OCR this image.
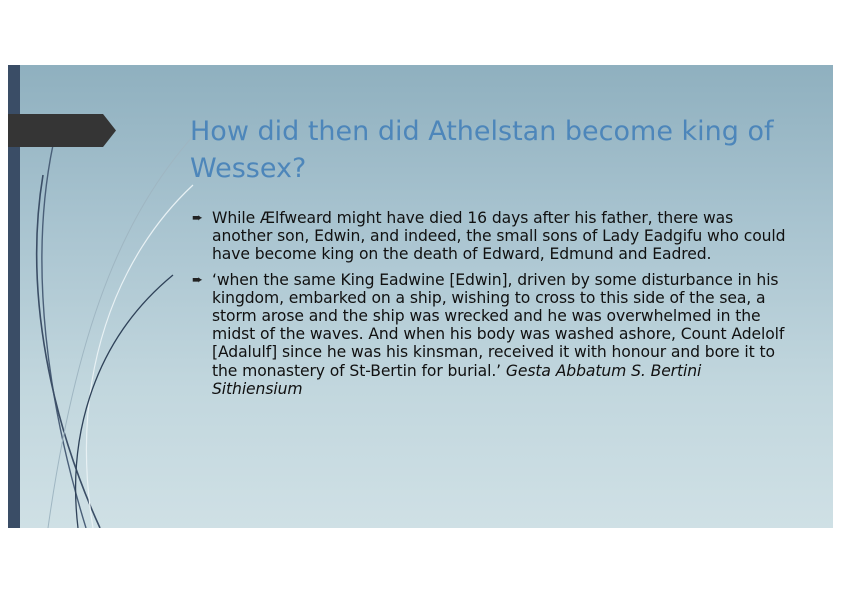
How did then did Athelstan become king of Wessex?
➨ While Ælfweard might have died 16 days after his father, there was another son, Edwin, and indeed, the small sons of Lady Eadgifu who could have become king on the death of Edward, Edmund and Eadred.
➨ ‘when the same King Eadwine [Edwin], driven by some disturbance in his kingdom, embarked on a ship, wishing to cross to this side of the sea, a storm arose and the ship was wrecked and he was overwhelmed in the midst of the waves. And when his body was washed ashore, Count Adelolf [Adalulf] since he was his kinsman, received it with honour and bore it to the monastery of St-Bertin for burial.’ Gesta Abbatum S. Bertini Sithiensium
